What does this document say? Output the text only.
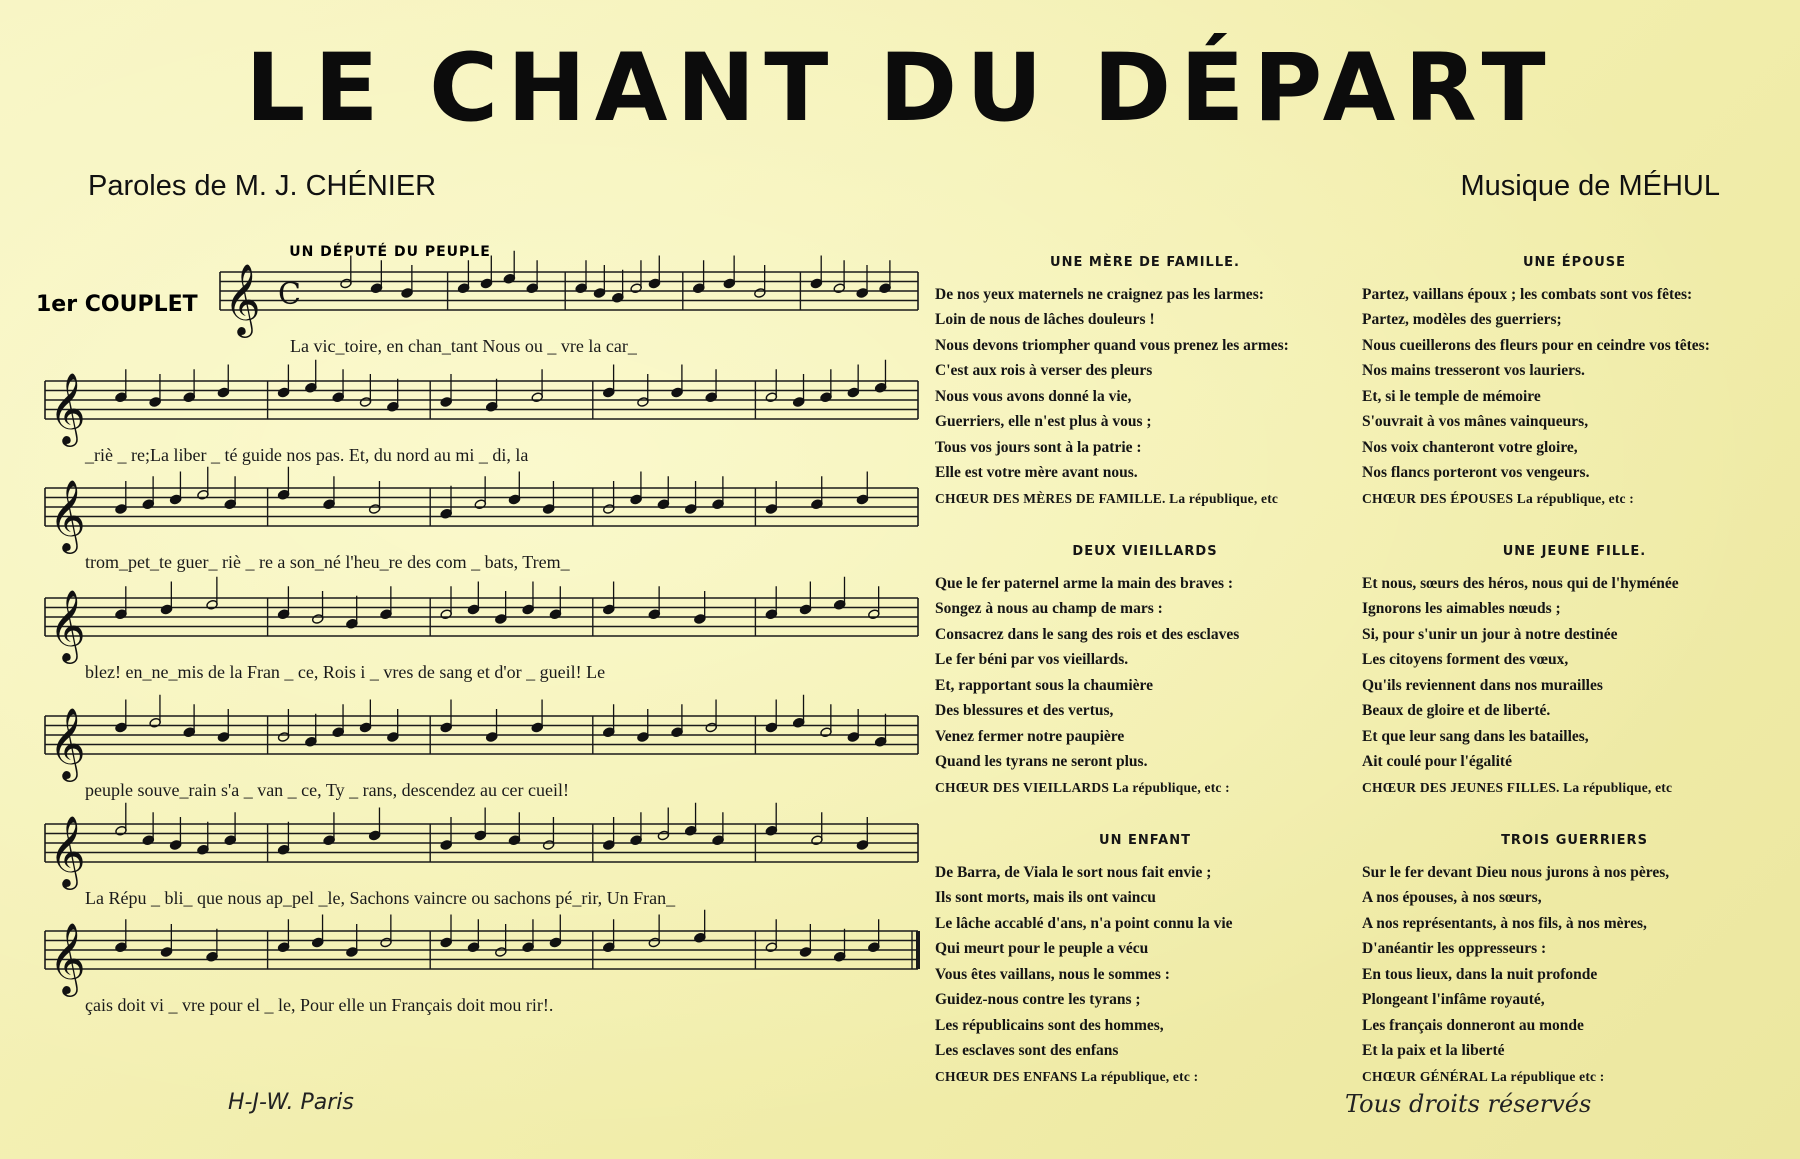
LE CHANT DU DÉPART
Paroles de M. J. CHÉNIER	Musique de MÉHUL
UN DÉPUTÉ DU PEUPLE
1er COUPLET 𝄞
La vic_toire, en chan_tant Nous ou _ vre la car_
𝄞
_riè _ re;La liber _ té guide nos pas. Et, du nord au mi _ di, la
𝄞
trom_pet_te guer_ riè _ re a son_né l'heu_re des com _ bats, Trem_
𝄞
blez! en_ne_mis de la Fran _ ce, Rois i _ vres de sang et d'or _ gueil! Le
𝄞
peuple souve_rain s'a _ van _ ce, Ty _ rans, descendez au cer cueil!
𝄞
La Répu _ bli_ que nous ap_pel _le, Sachons vaincre ou sachons pé_rir, Un Fran_
𝄞
çais doit vi _ vre pour el _ le, Pour elle un Français doit mou rir!.
C
UNE MÈRE DE FAMILLE.
De nos yeux maternels ne craignez pas les larmes:
Loin de nous de lâches douleurs !
Nous devons triompher quand vous prenez les armes:
C'est aux rois à verser des pleurs
Nous vous avons donné la vie,
Guerriers, elle n'est plus à vous ;
Tous vos jours sont à la patrie :
Elle est votre mère avant nous.
CHŒUR DES MÈRES DE FAMILLE. La république, etc
DEUX VIEILLARDS
Que le fer paternel arme la main des braves :
Songez à nous au champ de mars :
Consacrez dans le sang des rois et des esclaves
Le fer béni par vos vieillards.
Et, rapportant sous la chaumière
Des blessures et des vertus,
Venez fermer notre paupière
Quand les tyrans ne seront plus.
CHŒUR DES VIEILLARDS La république, etc :
UN ENFANT
De Barra, de Viala le sort nous fait envie ;
Ils sont morts, mais ils ont vaincu
Le lâche accablé d'ans, n'a point connu la vie
Qui meurt pour le peuple a vécu
Vous êtes vaillans, nous le sommes :
Guidez-nous contre les tyrans ;
Les républicains sont des hommes,
Les esclaves sont des enfans
CHŒUR DES ENFANS La république, etc :
UNE ÉPOUSE
Partez, vaillans époux ; les combats sont vos fêtes:
Partez, modèles des guerriers;
Nous cueillerons des fleurs pour en ceindre vos têtes:
Nos mains tresseront vos lauriers.
Et, si le temple de mémoire
S'ouvrait à vos mânes vainqueurs,
Nos voix chanteront votre gloire,
Nos flancs porteront vos vengeurs.
CHŒUR DES ÉPOUSES La république, etc :
UNE JEUNE FILLE.
Et nous, sœurs des héros, nous qui de l'hyménée
Ignorons les aimables nœuds ;
Si, pour s'unir un jour à notre destinée
Les citoyens forment des vœux,
Qu'ils reviennent dans nos murailles
Beaux de gloire et de liberté.
Et que leur sang dans les batailles,
Ait coulé pour l'égalité
CHŒUR DES JEUNES FILLES. La république, etc
TROIS GUERRIERS
Sur le fer devant Dieu nous jurons à nos pères,
A nos épouses, à nos sœurs,
A nos représentants, à nos fils, à nos mères,
D'anéantir les oppresseurs :
En tous lieux, dans la nuit profonde
Plongeant l'infâme royauté,
Les français donneront au monde
Et la paix et la liberté
CHŒUR GÉNÉRAL La république etc :
H-J-W. Paris	Tous droits réservés
